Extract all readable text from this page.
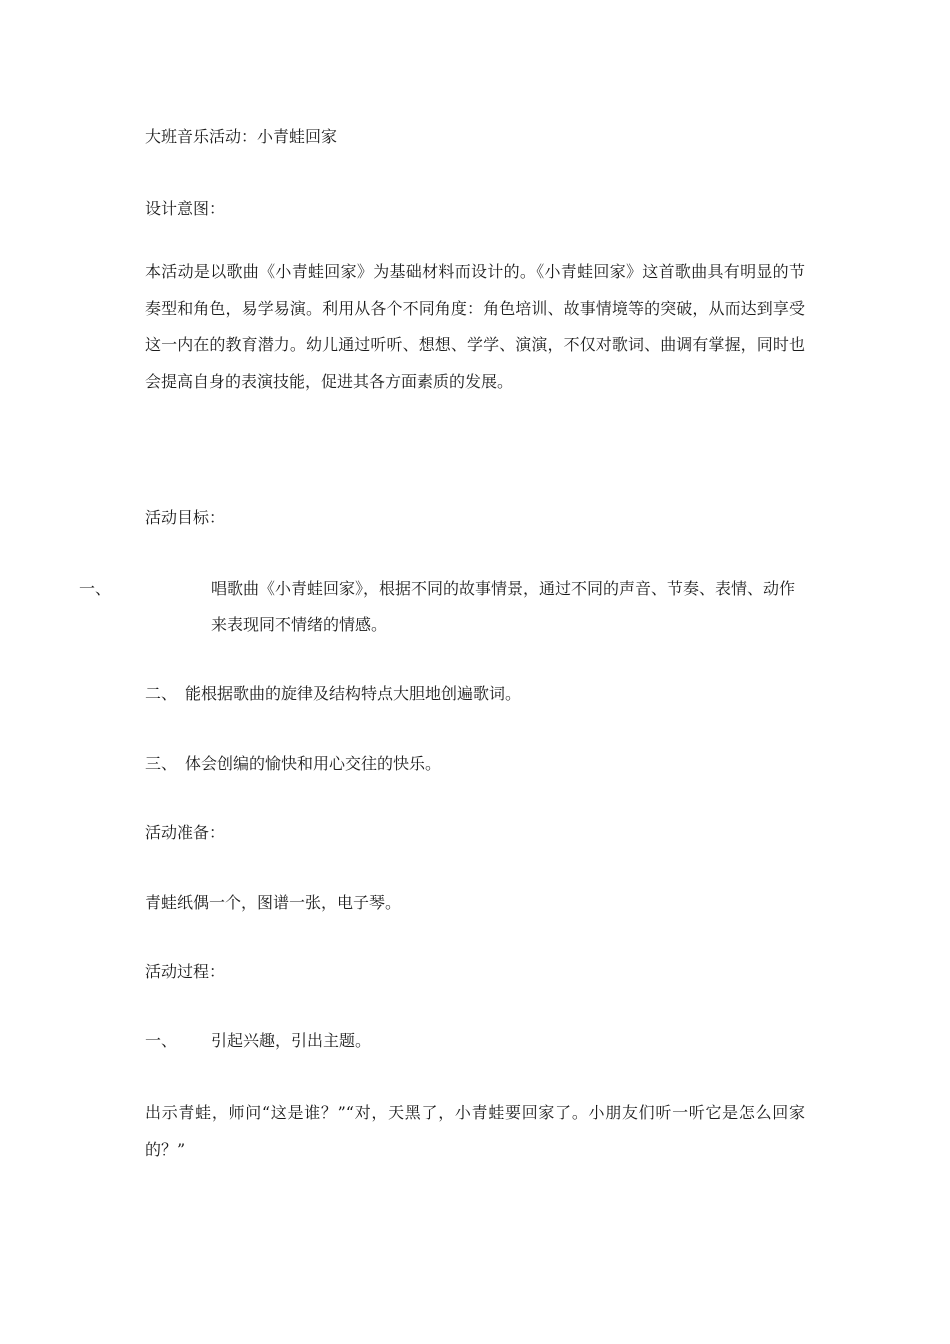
大班音乐活动：小青蛙回家
设计意图：
本活动是以歌曲《小青蛙回家》为基础材料而设计的。《小青蛙回家》这首歌曲具有明显的节奏型和角色，易学易演。利用从各个不同角度：角色培训、故事情境等的突破，从而达到享受这一内在的教育潜力。幼儿通过听听、想想、学学、演演，不仅对歌词、曲调有掌握，同时也会提高自身的表演技能，促进其各方面素质的发展。
活动目标：
一、	唱歌曲《小青蛙回家》，根据不同的故事情景，通过不同的声音、节奏、表情、动作来表现同不情绪的情感。
二、 能根据歌曲的旋律及结构特点大胆地创遍歌词。
三、 体会创编的愉快和用心交往的快乐。
活动准备：
青蛙纸偶一个，图谱一张，电子琴。
活动过程：
一、 引起兴趣，引出主题。
出示青蛙，师问“这是谁？”“对，天黑了，小青蛙要回家了。小朋友们听一听它是怎么回家的？”
